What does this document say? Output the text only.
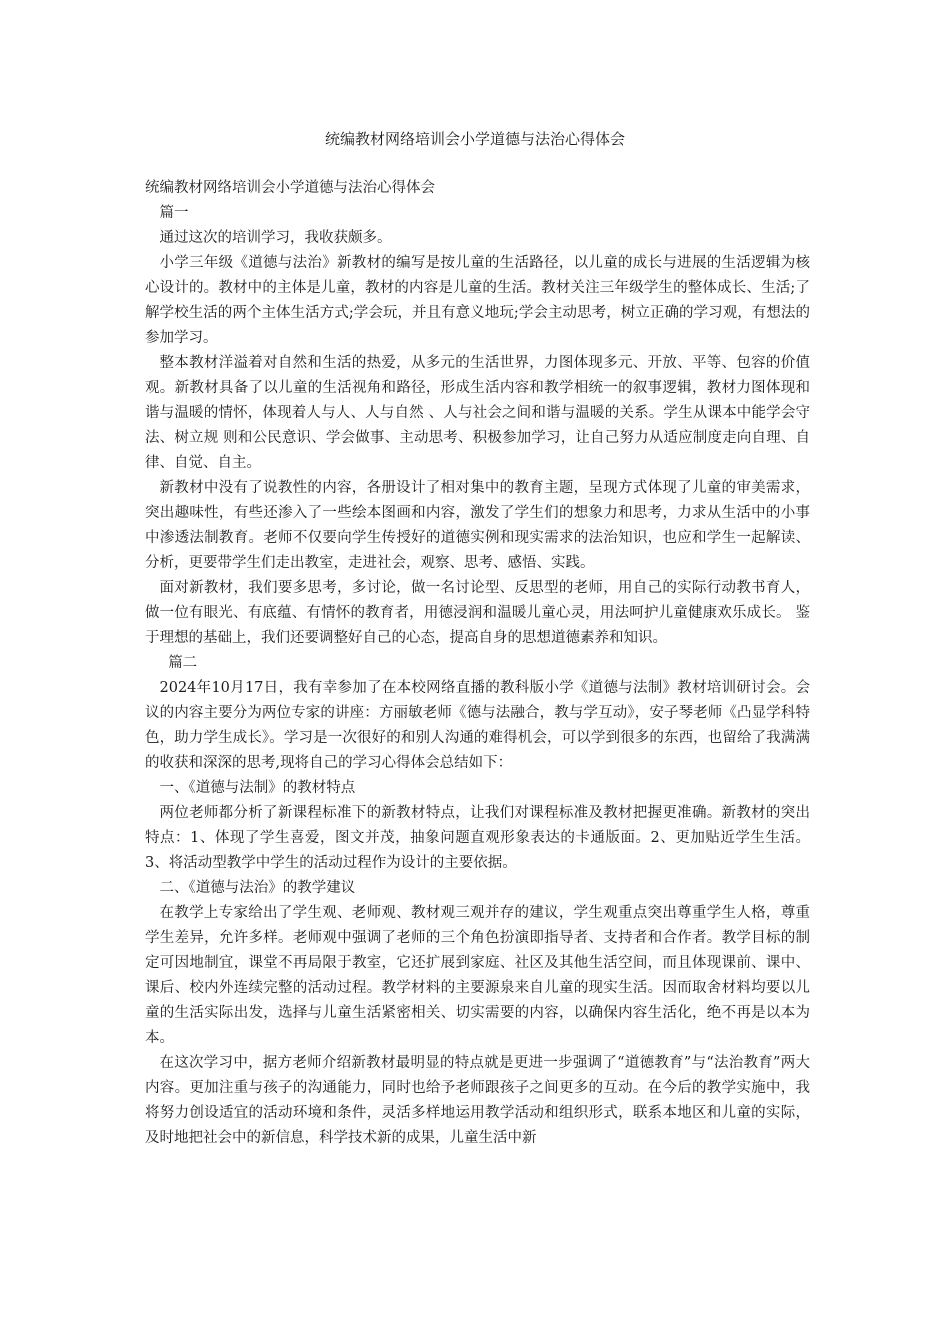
统编教材网络培训会小学道德与法治心得体会

统编教材网络培训会小学道德与法治心得体会

篇一

通过这次的培训学习，我收获颇多。

小学三年级《道德与法治》新教材的编写是按儿童的生活路径，以儿童的成长与进展的生活逻辑为核心设计的。教材中的主体是儿童，教材的内容是儿童的生活。教材关注三年级学生的整体成长、生活;了解学校生活的两个主体生活方式;学会玩，并且有意义地玩;学会主动思考，树立正确的学习观，有想法的参加学习。

整本教材洋溢着对自然和生活的热爱，从多元的生活世界，力图体现多元、开放、平等、包容的价值观。新教材具备了以儿童的生活视角和路径，形成生活内容和教学相统一的叙事逻辑，教材力图体现和谐与温暖的情怀，体现着人与人、人与自然 、人与社会之间和谐与温暖的关系。学生从课本中能学会守法、树立规 则和公民意识、学会做事、主动思考、积极参加学习，让自己努力从适应制度走向自理、自律、自觉、自主。

新教材中没有了说教性的内容，各册设计了相对集中的教育主题，呈现方式体现了儿童的审美需求，突出趣味性，有些还渗入了一些绘本图画和内容，激发了学生们的想象力和思考，力求从生活中的小事中渗透法制教育。老师不仅要向学生传授好的道德实例和现实需求的法治知识，也应和学生一起解读、分析，更要带学生们走出教室，走进社会，观察、思考、感悟、实践。

面对新教材，我们要多思考，多讨论，做一名讨论型、反思型的老师，用自己的实际行动教书育人，做一位有眼光、有底蕴、有情怀的教育者，用德浸润和温暖儿童心灵，用法呵护儿童健康欢乐成长。 鉴于理想的基础上，我们还要调整好自己的心态，提高自身的思想道德素养和知识。

篇二

2024年10月17日，我有幸参加了在本校网络直播的教科版小学《道德与法制》教材培训研讨会。会议的内容主要分为两位专家的讲座：方丽敏老师《德与法融合，教与学互动》，安子琴老师《凸显学科特色，助力学生成长》。学习是一次很好的和别人沟通的难得机会，可以学到很多的东西，也留给了我满满的收获和深深的思考,现将自己的学习心得体会总结如下：

一、《道德与法制》的教材特点

两位老师都分析了新课程标准下的新教材特点，让我们对课程标准及教材把握更准确。新教材的突出特点：1、体现了学生喜爱，图文并茂，抽象问题直观形象表达的卡通版面。2、更加贴近学生生活。3、将活动型教学中学生的活动过程作为设计的主要依据。

二、《道德与法治》的教学建议

在教学上专家给出了学生观、老师观、教材观三观并存的建议，学生观重点突出尊重学生人格，尊重学生差异，允许多样。老师观中强调了老师的三个角色扮演即指导者、支持者和合作者。教学目标的制定可因地制宜，课堂不再局限于教室，它还扩展到家庭、社区及其他生活空间，而且体现课前、课中、课后、校内外连续完整的活动过程。教学材料的主要源泉来自儿童的现实生活。因而取舍材料均要以儿童的生活实际出发，选择与儿童生活紧密相关、切实需要的内容，以确保内容生活化，绝不再是以本为本。

在这次学习中，据方老师介绍新教材最明显的特点就是更进一步强调了“道德教育”与“法治教育”两大内容。更加注重与孩子的沟通能力，同时也给予老师跟孩子之间更多的互动。在今后的教学实施中，我将努力创设适宜的活动环境和条件，灵活多样地运用教学活动和组织形式，联系本地区和儿童的实际，及时地把社会中的新信息，科学技术新的成果，儿童生活中新
